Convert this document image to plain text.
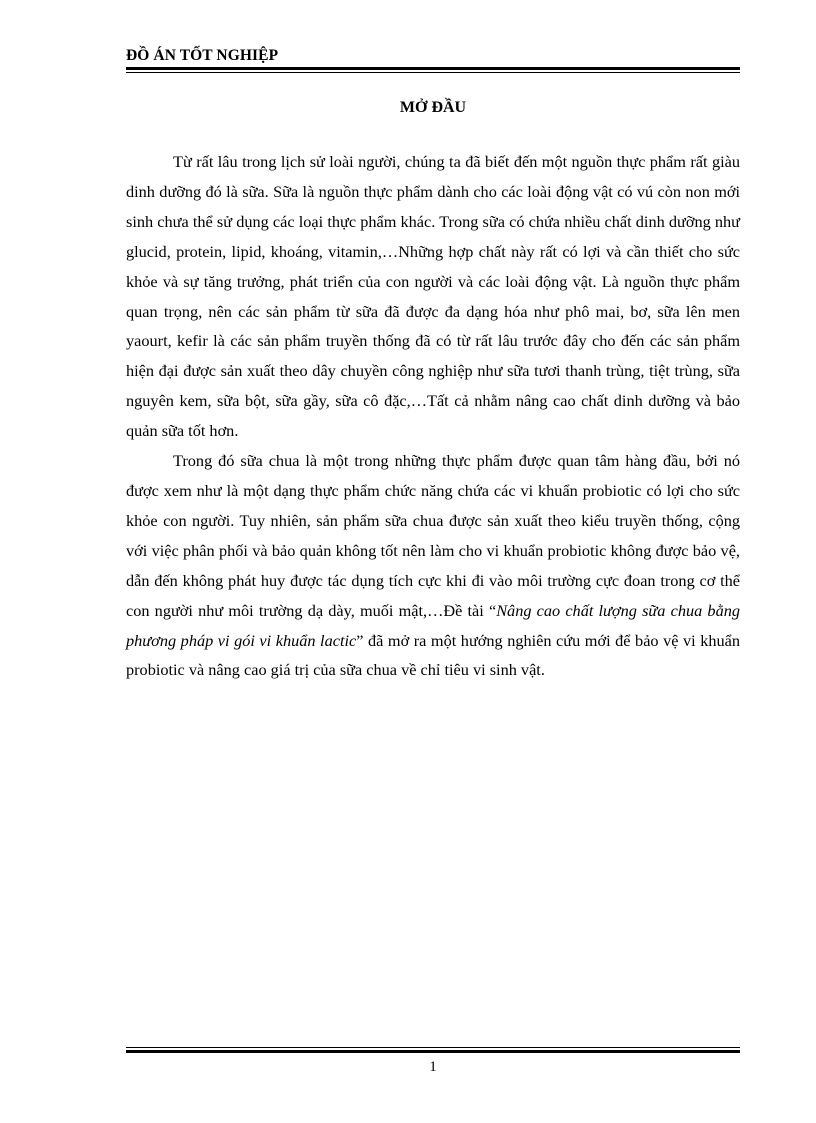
ĐỒ ÁN TỐT NGHIỆP
MỞ ĐẦU

Từ rất lâu trong lịch sử loài người, chúng ta đã biết đến một nguồn thực phẩm rất giàu dinh dưỡng đó là sữa. Sữa là nguồn thực phẩm dành cho các loài động vật có vú còn non mới sinh chưa thể sử dụng các loại thực phẩm khác. Trong sữa có chứa nhiều chất dinh dưỡng như glucid, protein, lipid, khoáng, vitamin,…Những hợp chất này rất có lợi và cần thiết cho sức khỏe và sự tăng trưởng, phát triển của con người và các loài động vật. Là nguồn thực phẩm quan trọng, nên các sản phẩm từ sữa đã được đa dạng hóa như phô mai, bơ, sữa lên men yaourt, kefir là các sản phẩm truyền thống đã có từ rất lâu trước đây cho đến các sản phẩm hiện đại được sản xuất theo dây chuyền công nghiệp như sữa tươi thanh trùng, tiệt trùng, sữa nguyên kem, sữa bột, sữa gầy, sữa cô đặc,…Tất cả nhằm nâng cao chất dinh dưỡng và bảo quản sữa tốt hơn.

Trong đó sữa chua là một trong những thực phẩm được quan tâm hàng đầu, bởi nó được xem như là một dạng thực phẩm chức năng chứa các vi khuẩn probiotic có lợi cho sức khỏe con người. Tuy nhiên, sản phẩm sữa chua được sản xuất theo kiểu truyền thống, cộng với việc phân phối và bảo quản không tốt nên làm cho vi khuẩn probiotic không được bảo vệ, dẫn đến không phát huy được tác dụng tích cực khi đi vào môi trường cực đoan trong cơ thể con người như môi trường dạ dày, muối mật,…Đề tài “Nâng cao chất lượng sữa chua bằng phương pháp vi gói vi khuẩn lactic” đã mở ra một hướng nghiên cứu mới để bảo vệ vi khuẩn probiotic và nâng cao giá trị của sữa chua về chỉ tiêu vi sinh vật.

1
